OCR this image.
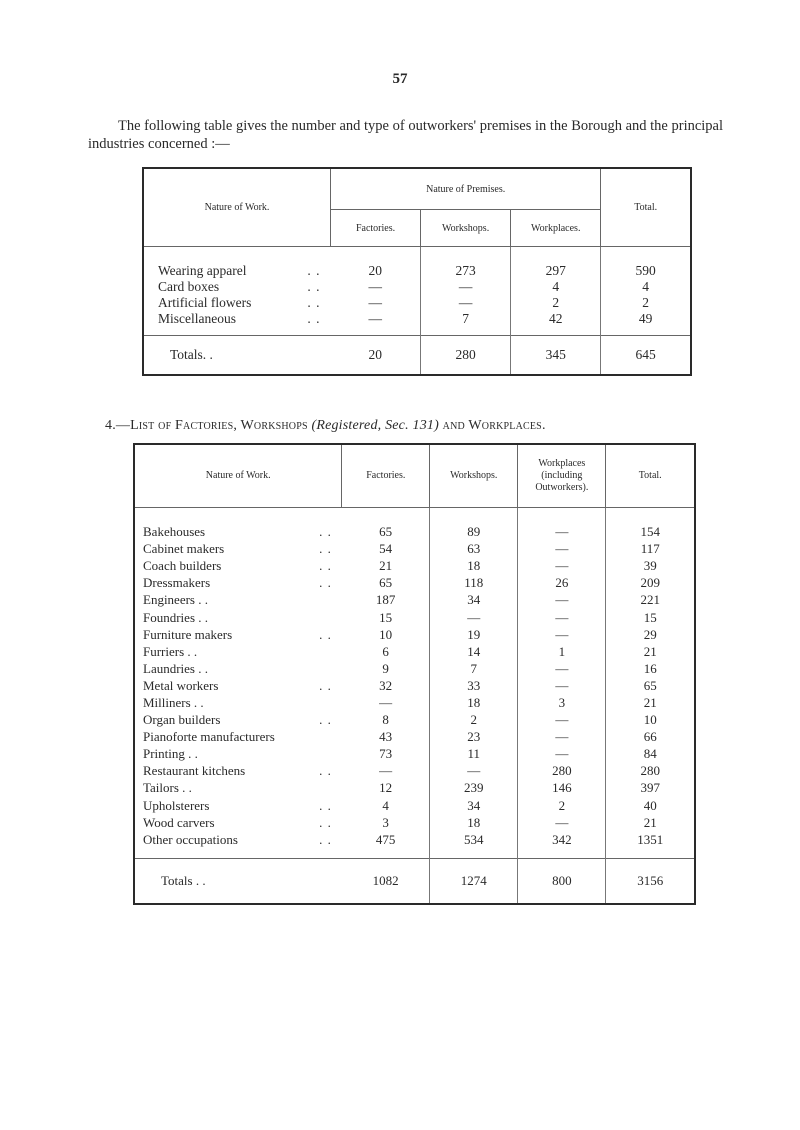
57
The following table gives the number and type of outworkers' premises in the Borough and the principal industries concerned :—
Nature of Work.	Nature of Premises.			Total.
	Factories.	Workshops.	Workplaces.	
Wearing apparel . .	20	273	297	590
Card boxes . .	—	—	4	4
Artificial flowers . .	—	—	2	2
Miscellaneous . .	—	7	42	49
Totals. .	20	280	345	645
4.—List of Factories, Workshops (Registered, Sec. 131) and Workplaces.
Nature of Work.	Factories.	Workshops.	Workplaces
(including
Outworkers).	Total.
Bakehouses . .	65	89	—	154
Cabinet makers . .	54	63	—	117
Coach builders . .	21	18	—	39
Dressmakers . .	65	118	26	209
Engineers . .	187	34	—	221
Foundries . .	15	—	—	15
Furniture makers . .	10	19	—	29
Furriers . .	6	14	1	21
Laundries . .	9	7	—	16
Metal workers . .	32	33	—	65
Milliners . .	—	18	3	21
Organ builders . .	8	2	—	10
Pianoforte manufacturers	43	23	—	66
Printing . .	73	11	—	84
Restaurant kitchens . .	—	—	280	280
Tailors . .	12	239	146	397
Upholsterers . .	4	34	2	40
Wood carvers . .	3	18	—	21
Other occupations . .	475	534	342	1351
Totals . .	1082	1274	800	3156
